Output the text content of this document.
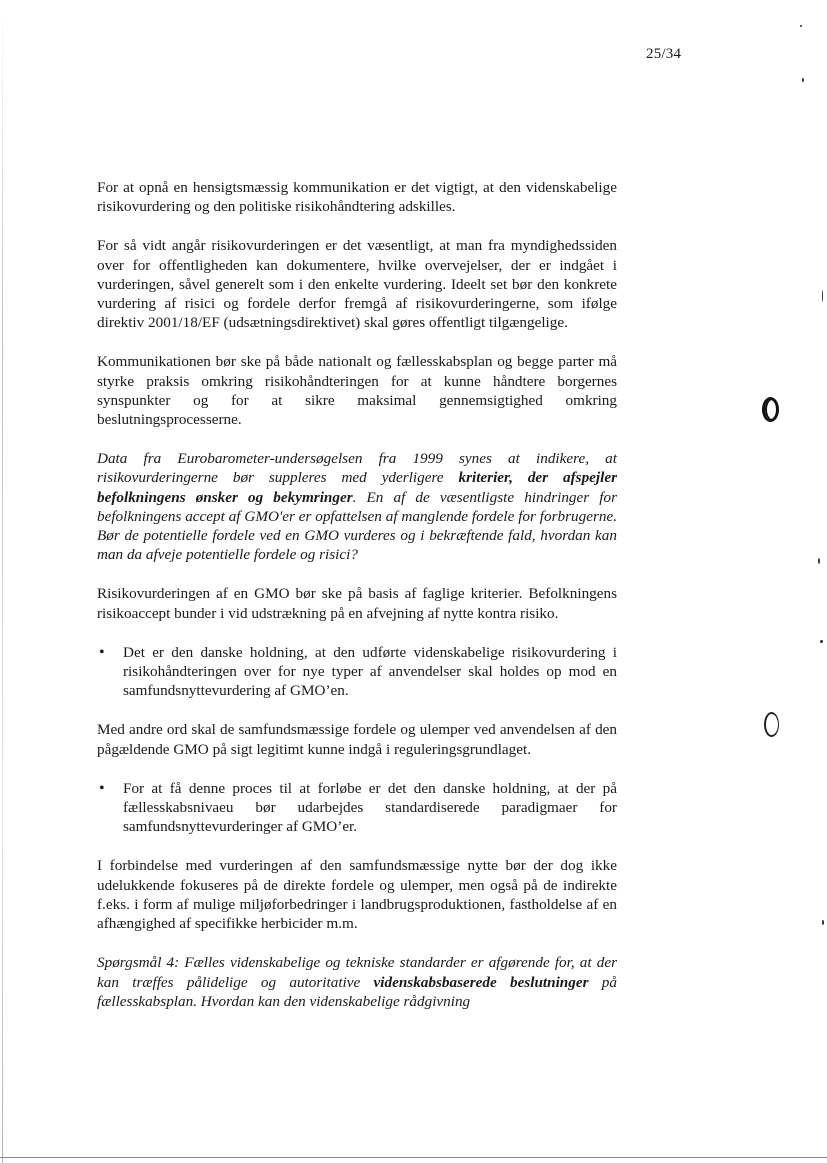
25/34

For at opnå en hensigtsmæssig kommunikation er det vigtigt, at den videnskabelige risikovurdering og den politiske risikohåndtering adskilles.

For så vidt angår risikovurderingen er det væsentligt, at man fra myndighedssiden over for offentligheden kan dokumentere, hvilke overvejelser, der er indgået i vurderingen, såvel generelt som i den enkelte vurdering. Ideelt set bør den konkrete vurdering af risici og fordele derfor fremgå af risikovurderingerne, som ifølge direktiv 2001/18/EF (udsætningsdirektivet) skal gøres offentligt tilgængelige.

Kommunikationen bør ske på både nationalt og fællesskabsplan og begge parter må styrke praksis omkring risikohåndteringen for at kunne håndtere borgernes synspunkter og for at sikre maksimal gennemsigtighed omkring beslutningsprocesserne.

Data fra Eurobarometer-undersøgelsen fra 1999 synes at indikere, at risikovurderingerne bør suppleres med yderligere kriterier, der afspejler befolkningens ønsker og bekymringer. En af de væsentligste hindringer for befolkningens accept af GMO'er er opfattelsen af manglende fordele for forbrugerne. Bør de potentielle fordele ved en GMO vurderes og i bekræftende fald, hvordan kan man da afveje potentielle fordele og risici?

Risikovurderingen af en GMO bør ske på basis af faglige kriterier. Befolkningens risikoaccept bunder i vid udstrækning på en afvejning af nytte kontra risiko.

• Det er den danske holdning, at den udførte videnskabelige risikovurdering i risikohåndteringen over for nye typer af anvendelser skal holdes op mod en samfundsnyttevurdering af GMO’en.

Med andre ord skal de samfundsmæssige fordele og ulemper ved anvendelsen af den pågældende GMO på sigt legitimt kunne indgå i reguleringsgrundlaget.

• For at få denne proces til at forløbe er det den danske holdning, at der på fællesskabsnivaeu bør udarbejdes standardiserede paradigmaer for samfundsnyttevurderinger af GMO’er.

I forbindelse med vurderingen af den samfundsmæssige nytte bør der dog ikke udelukkende fokuseres på de direkte fordele og ulemper, men også på de indirekte f.eks. i form af mulige miljøforbedringer i landbrugsproduktionen, fastholdelse af en afhængighed af specifikke herbicider m.m.

Spørgsmål 4: Fælles videnskabelige og tekniske standarder er afgørende for, at der kan træffes pålidelige og autoritative videnskabsbaserede beslutninger på fællesskabsplan. Hvordan kan den videnskabelige rådgivning
